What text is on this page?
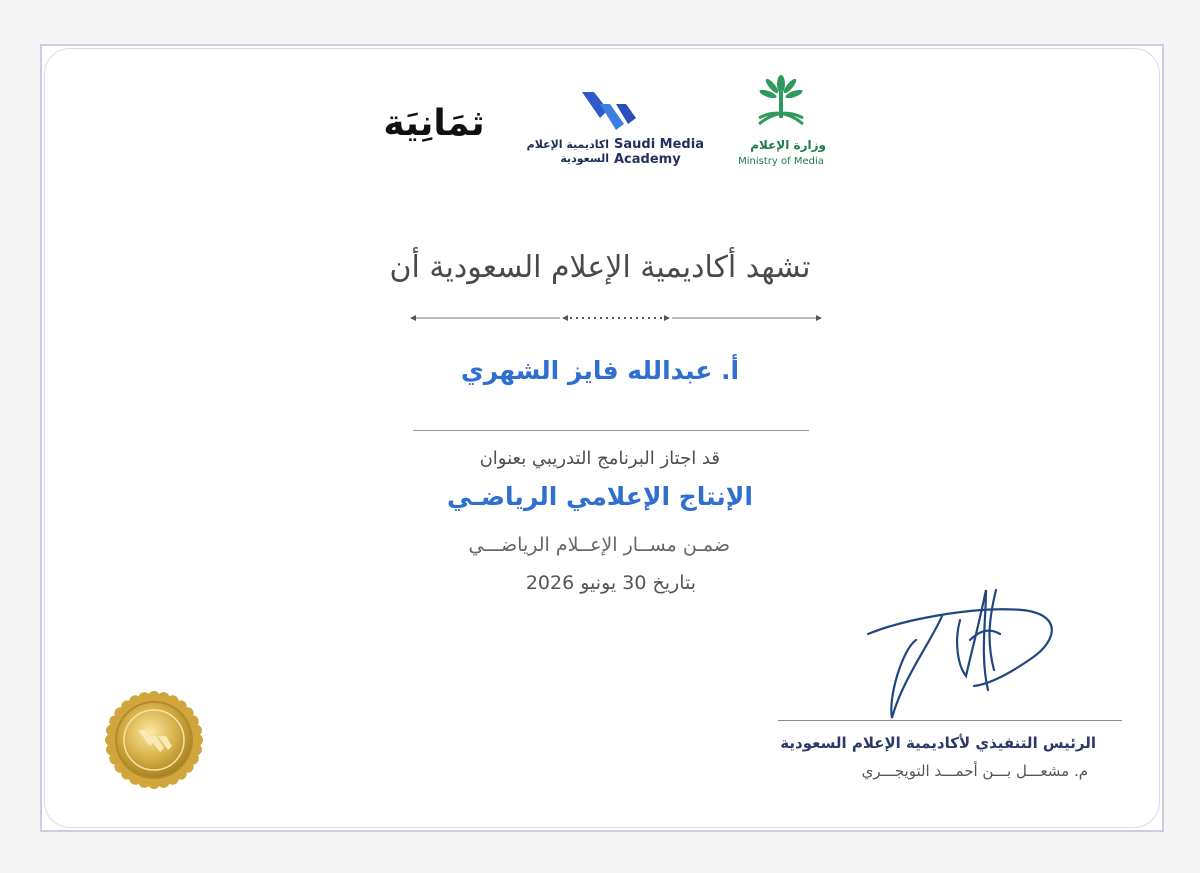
ثمَانِيَة
اكاديمية الإعلام
السعودية
Saudi Media
Academy
وزارة الإعلام
Ministry of Media
تشهد أكاديمية الإعلام السعودية أن
أ. عبدالله فايز الشهري
قد اجتاز البرنامج التدريبي بعنوان
الإنتاج الإعلامي الرياضـي
ضمـن مســار الإعــلام الرياضـــي
بتاريخ 30 يونيو 2026
الرئيس التنفيذي لأكاديمية الإعلام السعودية
م. مشعـــل بـــن أحمـــد التويجـــري
